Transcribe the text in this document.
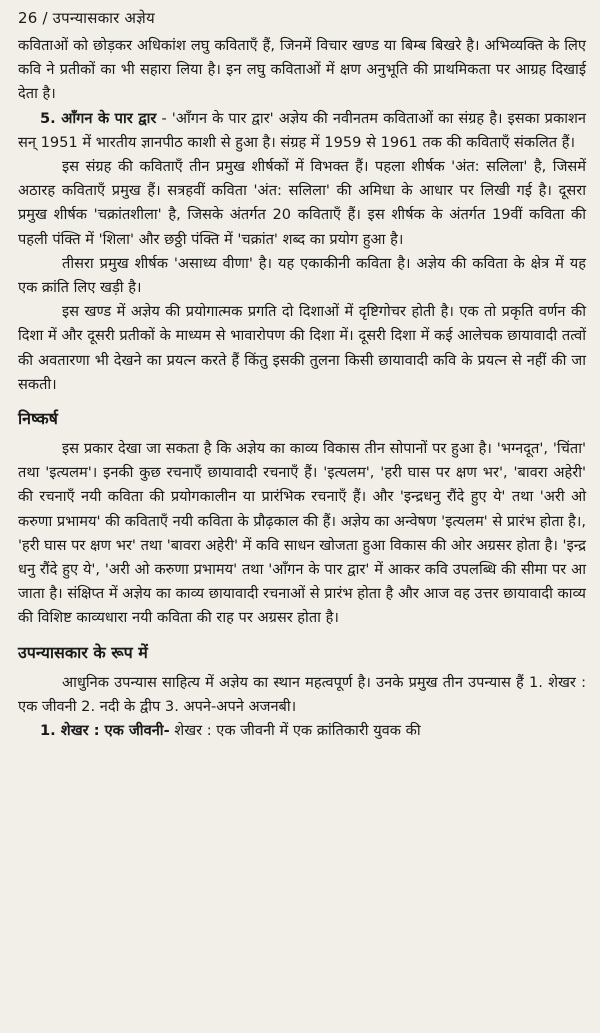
26 / उपन्यासकार अज्ञेय

कविताओं को छोड़कर अधिकांश लघु कविताएँ हैं, जिनमें विचार खण्ड या बिम्ब बिखरे है। अभिव्यक्ति के लिए कवि ने प्रतीकों का भी सहारा लिया है। इन लघु कविताओं में क्षण अनुभूति की प्राथमिकता पर आग्रह दिखाई देता है।

5. आँगन के पार द्वार - 'आँगन के पार द्वार' अज्ञेय की नवीनतम कविताओं का संग्रह है। इसका प्रकाशन सन् 1951 में भारतीय ज्ञानपीठ काशी से हुआ है। संग्रह में 1959 से 1961 तक की कविताएँ संकलित हैं।

इस संग्रह की कविताएँ तीन प्रमुख शीर्षकों में विभक्त हैं। पहला शीर्षक 'अंत: सलिला' है, जिसमें अठारह कविताएँ प्रमुख हैं। सत्रहवीं कविता 'अंत: सलिला' की अमिधा के आधार पर लिखी गई है। दूसरा प्रमुख शीर्षक 'चक्रांतशीला' है, जिसके अंतर्गत 20 कविताएँ हैं। इस शीर्षक के अंतर्गत 19वीं कविता की पहली पंक्ति में 'शिला' और छठ्ठी पंक्ति में 'चक्रांत' शब्द का प्रयोग हुआ है।

तीसरा प्रमुख शीर्षक 'असाध्य वीणा' है। यह एकाकीनी कविता है। अज्ञेय की कविता के क्षेत्र में यह एक क्रांति लिए खड़ी है।

इस खण्ड में अज्ञेय की प्रयोगात्मक प्रगति दो दिशाओं में दृष्टिगोचर होती है। एक तो प्रकृति वर्णन की दिशा में और दूसरी प्रतीकों के माध्यम से भावारोपण की दिशा में। दूसरी दिशा में कई आलेचक छायावादी तत्वों की अवतारणा भी देखने का प्रयत्न करते हैं किंतु इसकी तुलना किसी छायावादी कवि के प्रयत्न से नहीं की जा सकती।

निष्कर्ष

इस प्रकार देखा जा सकता है कि अज्ञेय का काव्य विकास तीन सोपानों पर हुआ है। 'भग्नदूत', 'चिंता' तथा 'इत्यलम'। इनकी कुछ रचनाएँ छायावादी रचनाएँ हैं। 'इत्यलम', 'हरी घास पर क्षण भर', 'बावरा अहेरी' की रचनाएँ नयी कविता की प्रयोगकालीन या प्रारंभिक रचनाएँ हैं। और 'इन्द्रधनु रौंदे हुए ये' तथा 'अरी ओ करुणा प्रभामय' की कविताएँ नयी कविता के प्रौढ़काल की हैं। अज्ञेय का अन्वेषण 'इत्यलम' से प्रारंभ होता है।, 'हरी घास पर क्षण भर' तथा 'बावरा अहेरी' में कवि साधन खोजता हुआ विकास की ओर अग्रसर होता है। 'इन्द्र धनु रौंदे हुए ये', 'अरी ओ करुणा प्रभामय' तथा 'आँगन के पार द्वार' में आकर कवि उपलब्धि की सीमा पर आ जाता है। संक्षिप्त में अज्ञेय का काव्य छायावादी रचनाओं से प्रारंभ होता है और आज वह उत्तर छायावादी काव्य की विशिष्ट काव्यधारा नयी कविता की राह पर अग्रसर होता है।

उपन्यासकार के रूप में

आधुनिक उपन्यास साहित्य में अज्ञेय का स्थान महत्वपूर्ण है। उनके प्रमुख तीन उपन्यास हैं 1. शेखर : एक जीवनी 2. नदी के द्वीप 3. अपने-अपने अजनबी।

1. शेखर : एक जीवनी- शेखर : एक जीवनी में एक क्रांतिकारी युवक की
